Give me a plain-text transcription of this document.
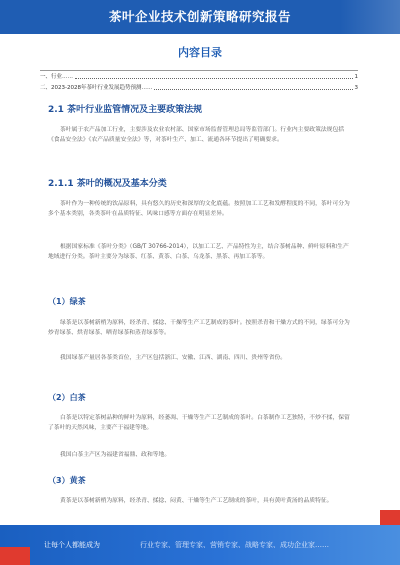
茶叶企业技术创新策略研究报告
内容目录
一、行业……	1
二、2023-2028年茶叶行业发展趋势预测……	3
2.1 茶叶行业监管情况及主要政策法规
茶叶属于农产品加工行业，主要涉及农业农村部、国家市场监督管理总局等监管部门。行业内主要政策法规包括《食品安全法》《农产品质量安全法》等，对茶叶生产、加工、流通各环节提出了明确要求。
2.1.1 茶叶的概况及基本分类
茶叶作为一种传统的饮品原料，具有悠久的历史和深厚的文化底蕴。按照加工工艺和发酵程度的不同，茶叶可分为多个基本类别，各类茶叶在品质特征、风味口感等方面存在明显差异。
根据国家标准《茶叶分类》（GB/T 30766-2014），以加工工艺、产品特性为主，结合茶树品种、鲜叶原料和生产地域进行分类。茶叶主要分为绿茶、红茶、黄茶、白茶、乌龙茶、黑茶、再加工茶等。
（1）绿茶
绿茶是以茶树新梢为原料，经杀青、揉捻、干燥等生产工艺制成的茶叶。按照杀青和干燥方式的不同，绿茶可分为炒青绿茶、烘青绿茶、晒青绿茶和蒸青绿茶等。
我国绿茶产量居各茶类首位，主产区包括浙江、安徽、江西、湖南、四川、贵州等省份。
（2）白茶
白茶是以特定茶树品种的鲜叶为原料，经萎凋、干燥等生产工艺制成的茶叶。白茶制作工艺独特，不炒不揉，保留了茶叶的天然风味，主要产于福建等地。
我国白茶主产区为福建省福鼎、政和等地。
（3）黄茶
黄茶是以茶树新梢为原料，经杀青、揉捻、闷黄、干燥等生产工艺制成的茶叶，具有黄叶黄汤的品质特征。
让每个人都能成为	行业专家、管理专家、营销专家、战略专家、成功企业家……
